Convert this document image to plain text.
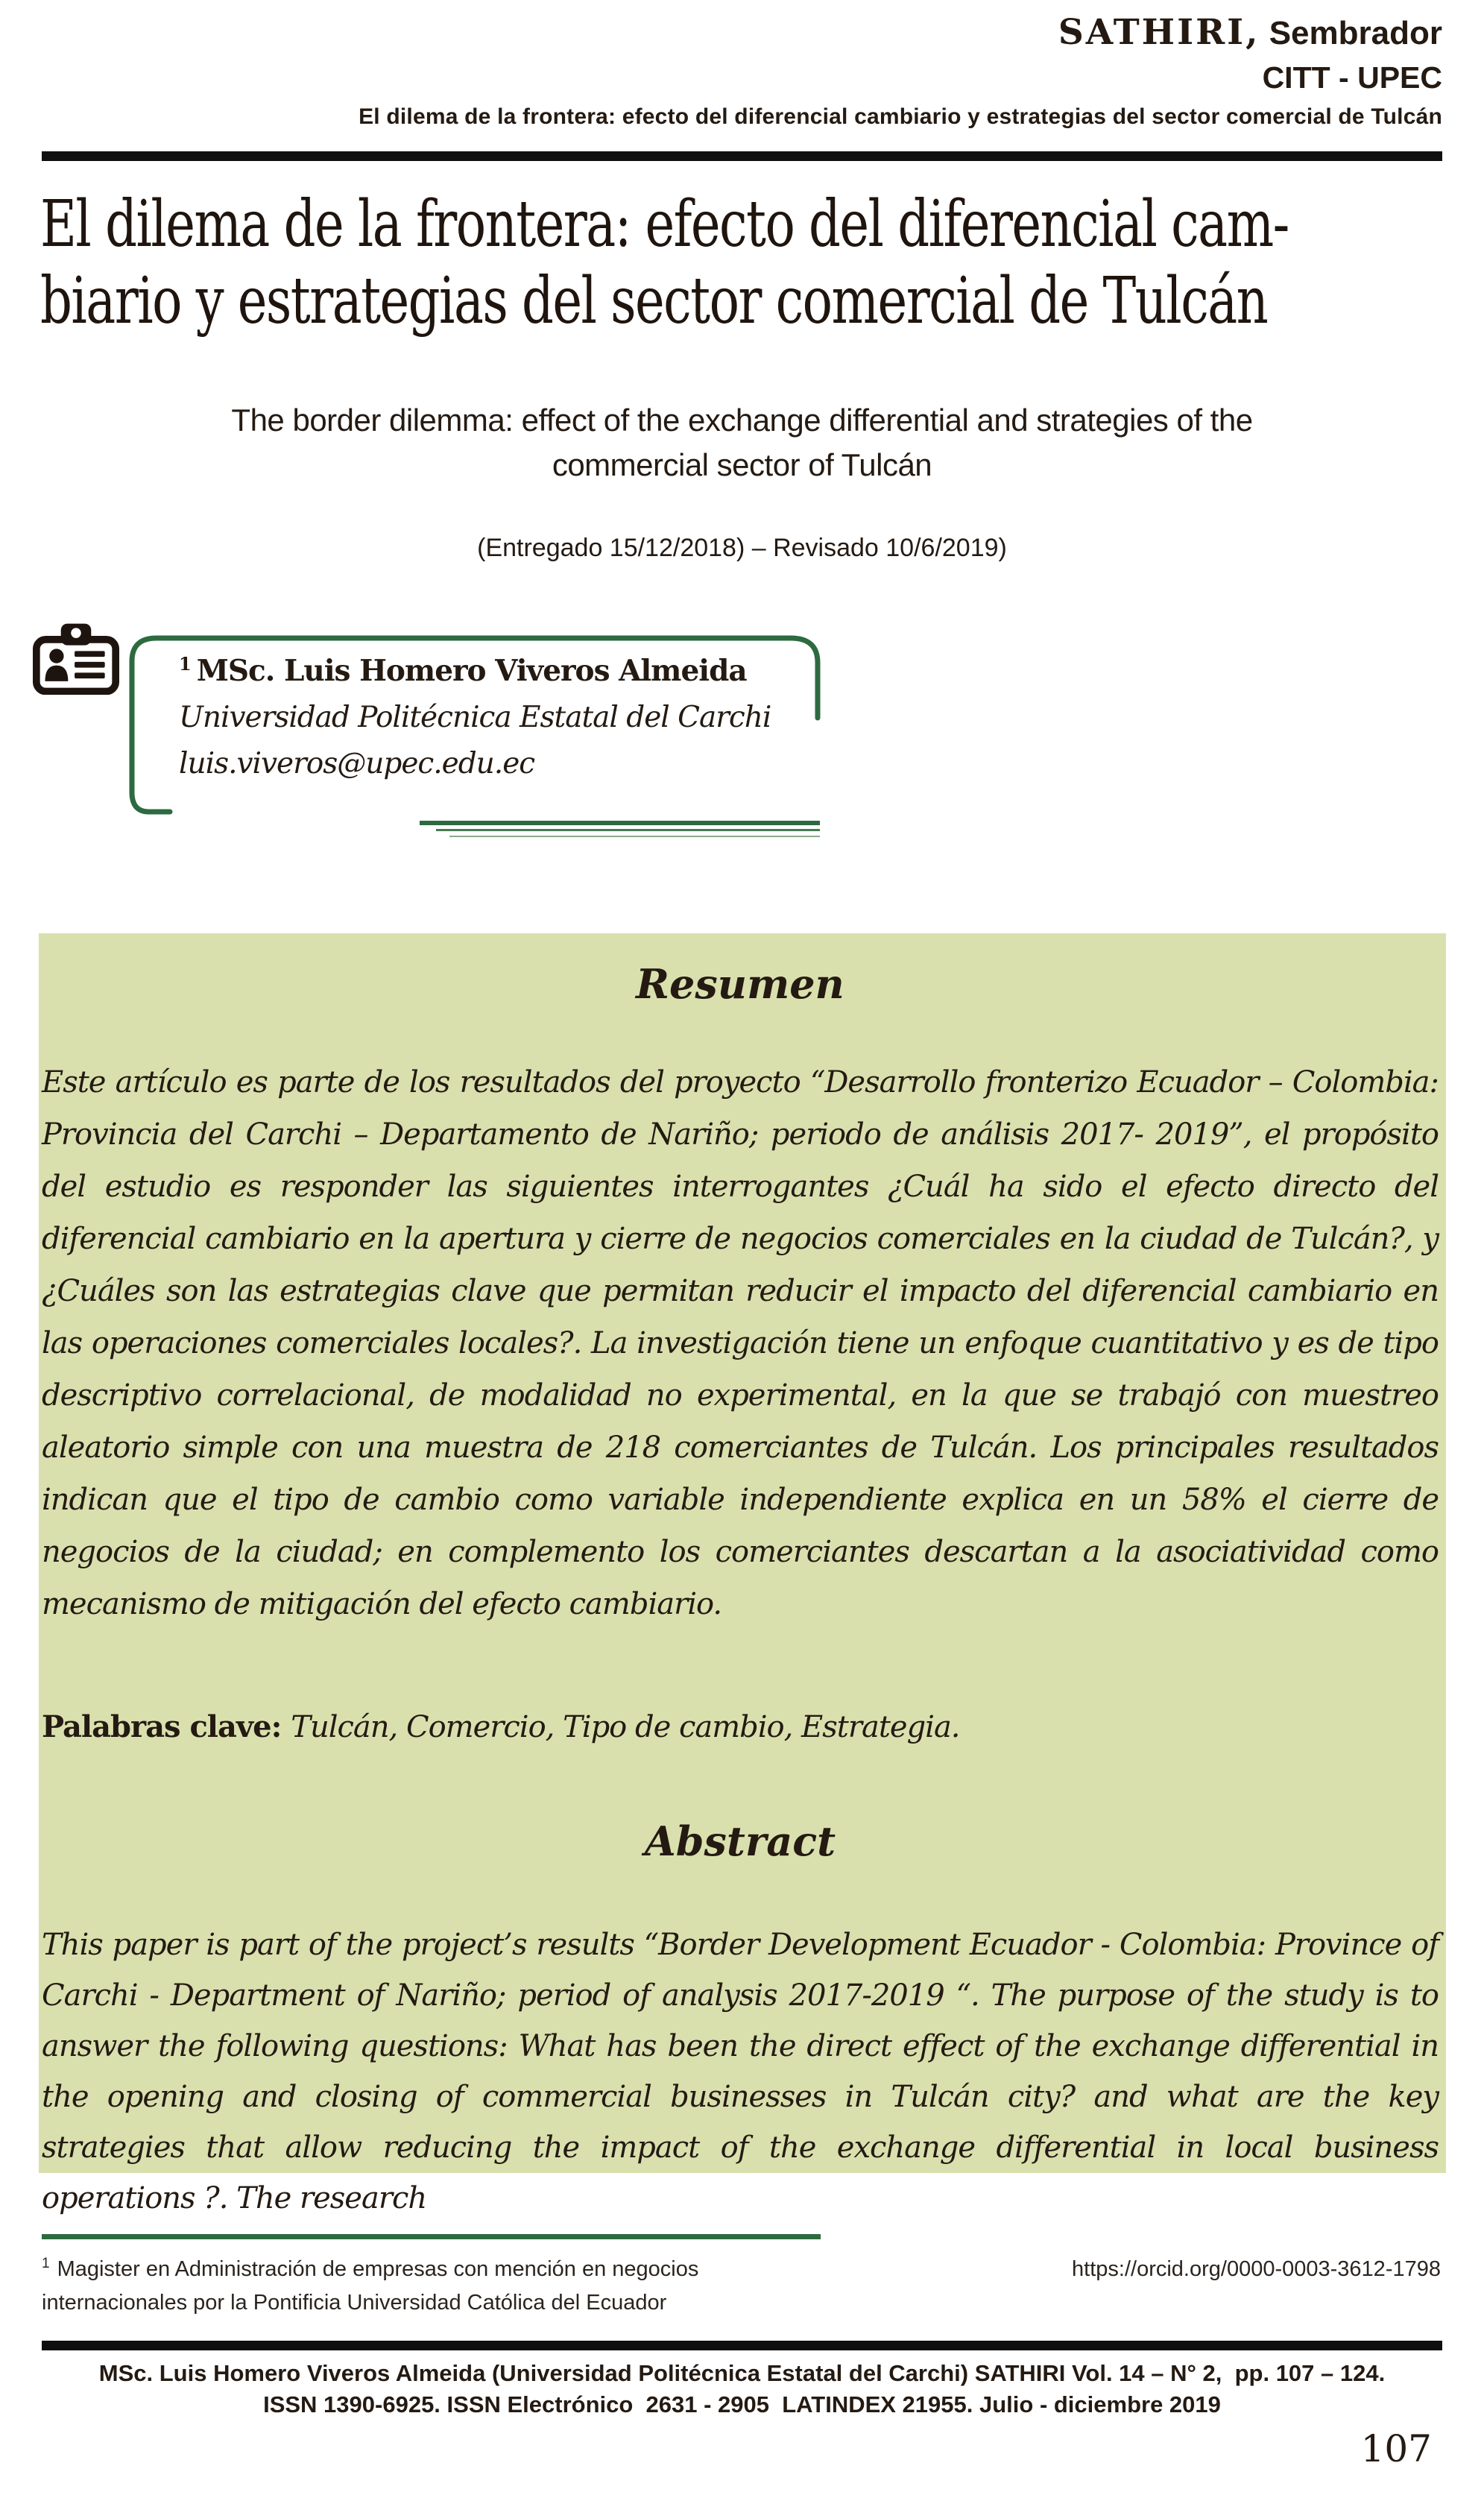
SATHIRI, Sembrador
CITT - UPEC
El dilema de la frontera: efecto del diferencial cambiario y estrategias del sector comercial de Tulcán
El dilema de la frontera: efecto del diferencial cam-
biario y estrategias del sector comercial de Tulcán
The border dilemma: effect of the exchange differential and strategies of the
commercial sector of Tulcán
(Entregado 15/12/2018) – Revisado 10/6/2019)
$^1$ MSc. Luis Homero Viveros Almeida
Universidad Politécnica Estatal del Carchi
luis.viveros@upec.edu.ec
Resumen
Este artículo es parte de los resultados del proyecto “Desarrollo fronterizo Ecuador – Colombia: Provincia del Carchi – Departamento de Nariño; periodo de análisis 2017- 2019”, el propósito del estudio es responder las siguientes interrogantes ¿Cuál ha sido el efecto directo del diferencial cambiario en la apertura y cierre de negocios comerciales en la ciudad de Tulcán?, y ¿Cuáles son las estrategias clave que permitan reducir el impacto del diferencial cambiario en las operaciones comerciales locales?. La investigación tiene un enfoque cuantitativo y es de tipo descriptivo correlacional, de modalidad no experimental, en la que se trabajó con muestreo aleatorio simple con una muestra de 218 comerciantes de Tulcán. Los principales resultados indican que el tipo de cambio como variable independiente explica en un 58% el cierre de negocios de la ciudad; en complemento los comerciantes descartan a la asociatividad como mecanismo de mitigación del efecto cambiario.
Palabras clave: Tulcán, Comercio, Tipo de cambio, Estrategia.
Abstract
This paper is part of the project’s results “Border Development Ecuador - Colombia: Province of Carchi - Department of Nariño; period of analysis 2017-2019 “. The purpose of the study is to answer the following questions: What has been the direct effect of the exchange differential in the opening and closing of commercial businesses in Tulcán city? and what are the key strategies that allow reducing the impact of the exchange differential in local business operations ?. The research
$^1$ Magister en Administración de empresas con mención en negocios
internacionales por la Pontificia Universidad Católica del Ecuador
https://orcid.org/0000-0003-3612-1798
MSc. Luis Homero Viveros Almeida (Universidad Politécnica Estatal del Carchi) SATHIRI Vol. 14 – N° 2,  pp. 107 – 124.
ISSN 1390-6925. ISSN Electrónico  2631 - 2905  LATINDEX 21955. Julio - diciembre 2019
107
